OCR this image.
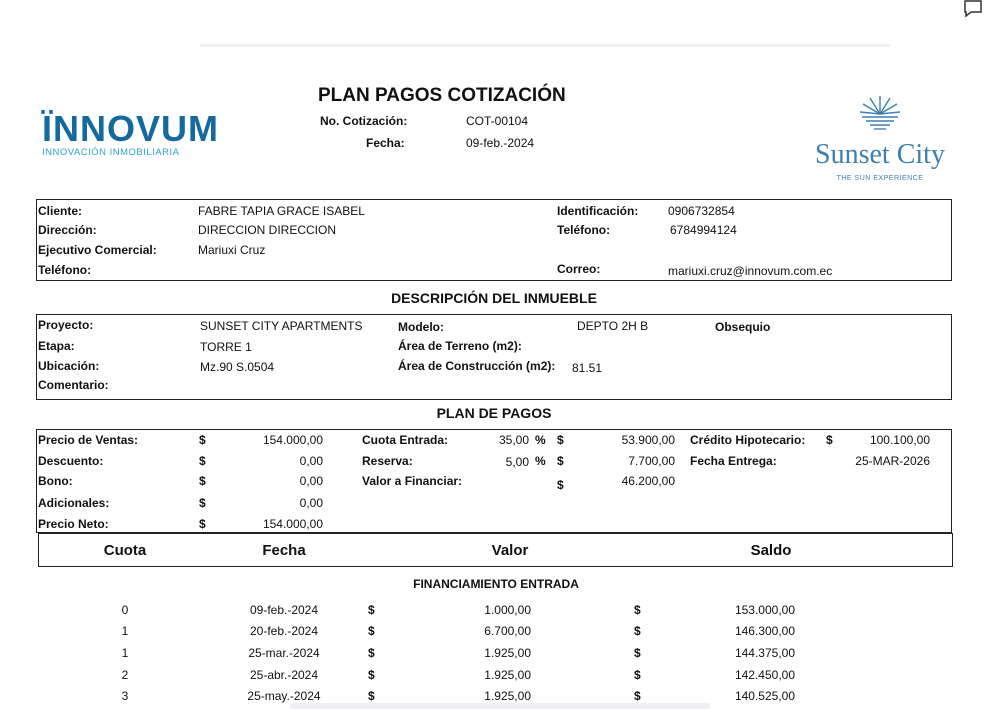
ÏNNOVUM
INNOVACIÓN INMOBILIARIA	Sunset City
THE SUN EXPERIENCE
PLAN PAGOS COTIZACIÓN
No. Cotización:	COT-00104
Fecha:	09-feb.-2024
Cliente:	FABRE TAPIA GRACE ISABEL
Dirección:	DIRECCION DIRECCION
Ejecutivo Comercial:	Mariuxi Cruz
Teléfono:
Identificación: 0906732854
Teléfono:	6784994124
Correo:	mariuxi.cruz@innovum.com.ec
DESCRIPCIÓN DEL INMUEBLE
Proyecto:	SUNSET CITY APARTMENTS
Etapa:	TORRE 1
Ubicación:	Mz.90 S.0504
Comentario:
Modelo:	DEPTO 2H B	Obsequio
Área de Terreno (m2):
Área de Construcción (m2): 81.51
PLAN DE PAGOS
Precio de Ventas:	$	154.000,00
Descuento:	$	0,00
Bono:	$	0,00
Adicionales:	$	0,00
Precio Neto:	$	154.000,00
Cuota Entrada:	35,00 % $	53.900,00
Reserva:	5,00 % $	7.700,00
Valor a Financiar:	$	46.200,00
Crédito Hipotecario: $	100.100,00
Fecha Entrega:	25-MAR-2026
Cuota	Fecha	Valor	Saldo
FINANCIAMIENTO ENTRADA
0	09-feb.-2024	$	1.000,00	$	153.000,00
1	20-feb.-2024	$	6.700,00	$	146.300,00
1	25-mar.-2024	$	1.925,00	$	144.375,00
2	25-abr.-2024	$	1.925,00	$	142.450,00
3	25-may.-2024	$	1.925,00	$	140.525,00
